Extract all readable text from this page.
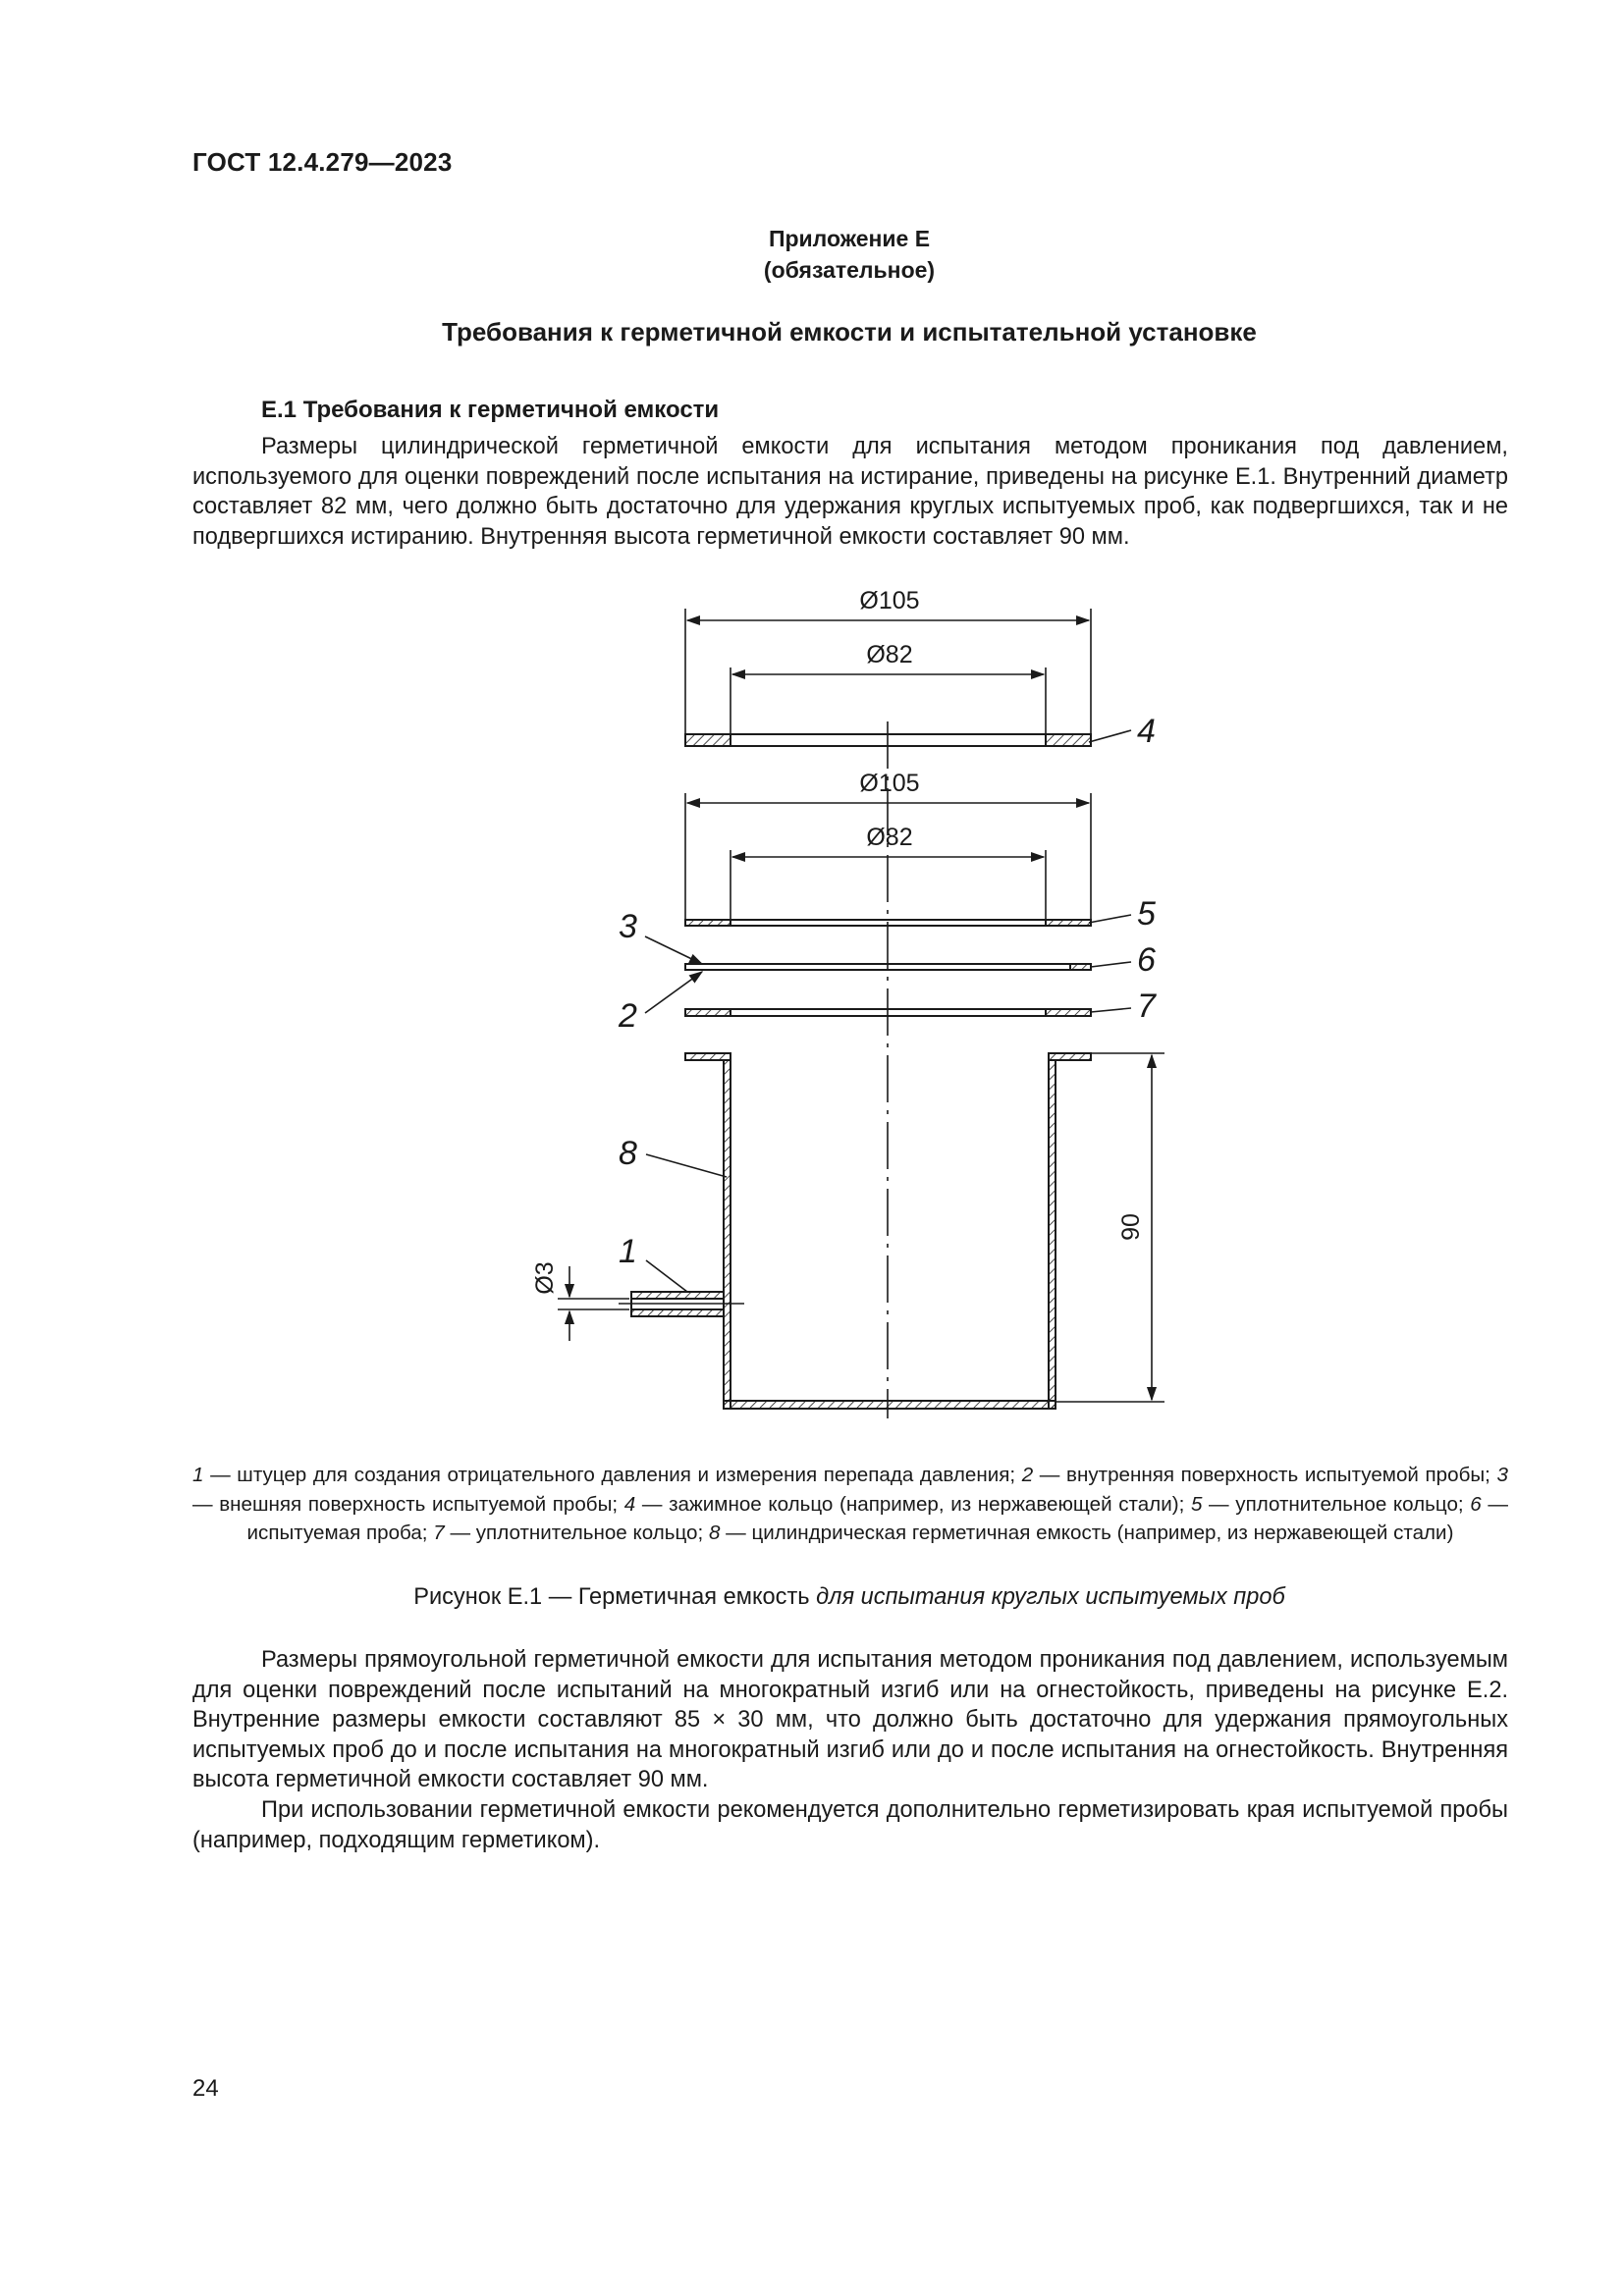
ГОСТ 12.4.279—2023
Приложение Е
(обязательное)
Требования к герметичной емкости и испытательной установке
Е.1 Требования к герметичной емкости
Размеры цилиндрической герметичной емкости для испытания методом проникания под давлением, используемого для оценки повреждений после испытания на истирание, приведены на рисунке Е.1. Внутренний диаметр составляет 82 мм, чего должно быть достаточно для удержания круглых испытуемых проб, как подвергшихся, так и не подвергшихся истиранию. Внутренняя высота герметичной емкости составляет 90 мм.
Ø105
Ø82
Ø105
Ø82
90
Ø3
4
5
6
7
3
2
8
1
1 — штуцер для создания отрицательного давления и измерения перепада давления; 2 — внутренняя поверхность испытуемой пробы; 3 — внешняя поверхность испытуемой пробы; 4 — зажимное кольцо (например, из нержавеющей стали); 5 — уплотнительное кольцо; 6 — испытуемая проба; 7 — уплотнительное кольцо; 8 — цилиндрическая герметичная емкость (например, из нержавеющей стали)
Рисунок Е.1 — Герметичная емкость для испытания круглых испытуемых проб
Размеры прямоугольной герметичной емкости для испытания методом проникания под давлением, используемым для оценки повреждений после испытаний на многократный изгиб или на огнестойкость, приведены на рисунке Е.2. Внутренние размеры емкости составляют 85 × 30 мм, что должно быть достаточно для удержания прямоугольных испытуемых проб до и после испытания на многократный изгиб или до и после испытания на огнестойкость. Внутренняя высота герметичной емкости составляет 90 мм.
При использовании герметичной емкости рекомендуется дополнительно герметизировать края испытуемой пробы (например, подходящим герметиком).
24
